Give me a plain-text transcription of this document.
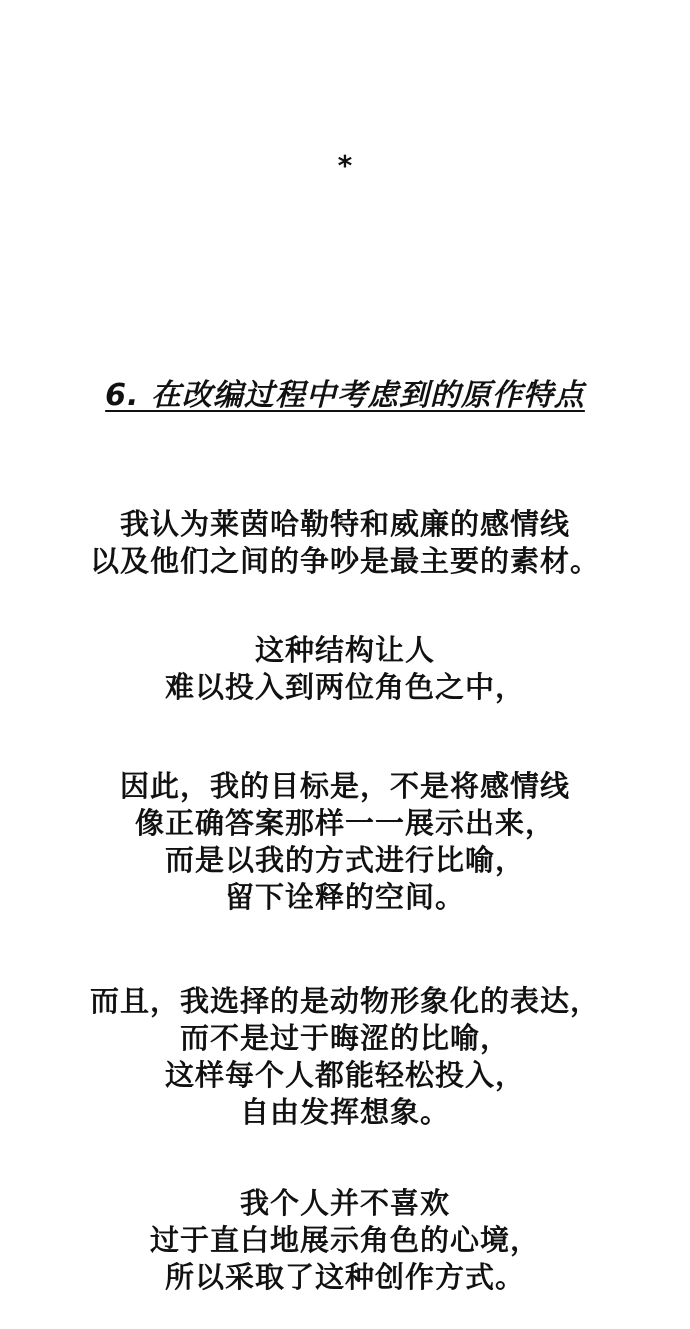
*
6. 在改编过程中考虑到的原作特点
我认为莱茵哈勒特和威廉的感情线
以及他们之间的争吵是最主要的素材。
这种结构让人
难以投入到两位角色之中，
因此，我的目标是，不是将感情线
像正确答案那样一一展示出来，
而是以我的方式进行比喻，
留下诠释的空间。
而且，我选择的是动物形象化的表达，
而不是过于晦涩的比喻，
这样每个人都能轻松投入，
自由发挥想象。
我个人并不喜欢
过于直白地展示角色的心境，
所以采取了这种创作方式。
